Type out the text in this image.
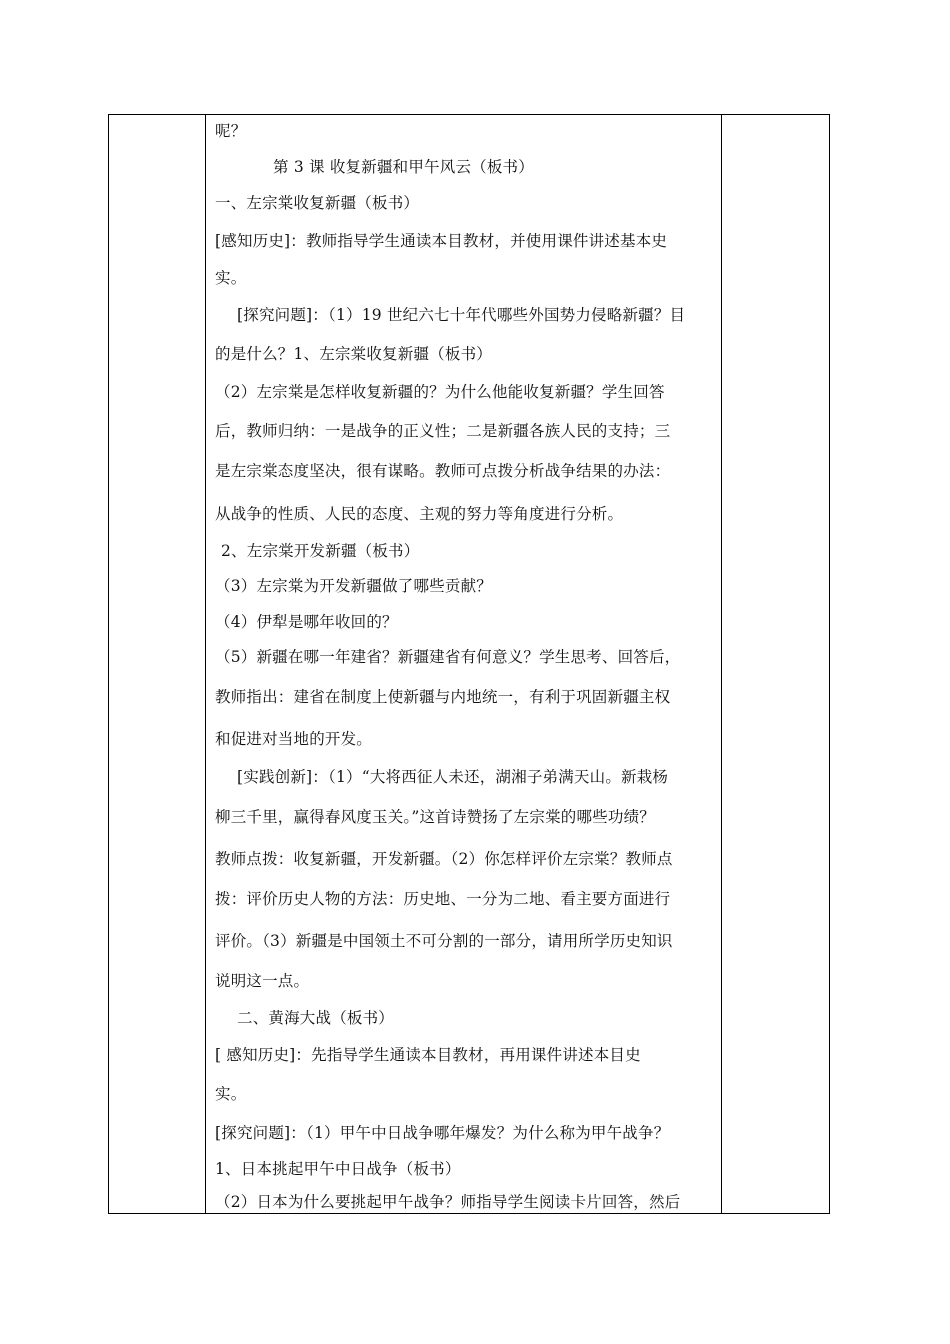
呢？
第 3 课 收复新疆和甲午风云（板书）
一、左宗棠收复新疆（板书）
[感知历史]：教师指导学生通读本目教材，并使用课件讲述基本史
实。
[探究问题]：（1）19 世纪六七十年代哪些外国势力侵略新疆？目
的是什么？1、左宗棠收复新疆（板书）
（2）左宗棠是怎样收复新疆的？为什么他能收复新疆？学生回答
后，教师归纳：一是战争的正义性；二是新疆各族人民的支持；三
是左宗棠态度坚决，很有谋略。教师可点拨分析战争结果的办法：
从战争的性质、人民的态度、主观的努力等角度进行分析。
2、左宗棠开发新疆（板书）
（3）左宗棠为开发新疆做了哪些贡献？
（4）伊犁是哪年收回的？
（5）新疆在哪一年建省？新疆建省有何意义？学生思考、回答后，
教师指出：建省在制度上使新疆与内地统一，有利于巩固新疆主权
和促进对当地的开发。
[实践创新]：（1）“大将西征人未还，湖湘子弟满天山。新栽杨
柳三千里，赢得春风度玉关。”这首诗赞扬了左宗棠的哪些功绩？
教师点拨：收复新疆，开发新疆。（2）你怎样评价左宗棠？教师点
拨：评价历史人物的方法：历史地、一分为二地、看主要方面进行
评价。（3）新疆是中国领土不可分割的一部分，请用所学历史知识
说明这一点。
二、黄海大战（板书）
[ 感知历史]：先指导学生通读本目教材，再用课件讲述本目史
实。
[探究问题]：（1）甲午中日战争哪年爆发？为什么称为甲午战争？
1、日本挑起甲午中日战争（板书）
（2）日本为什么要挑起甲午战争？师指导学生阅读卡片回答，然后
